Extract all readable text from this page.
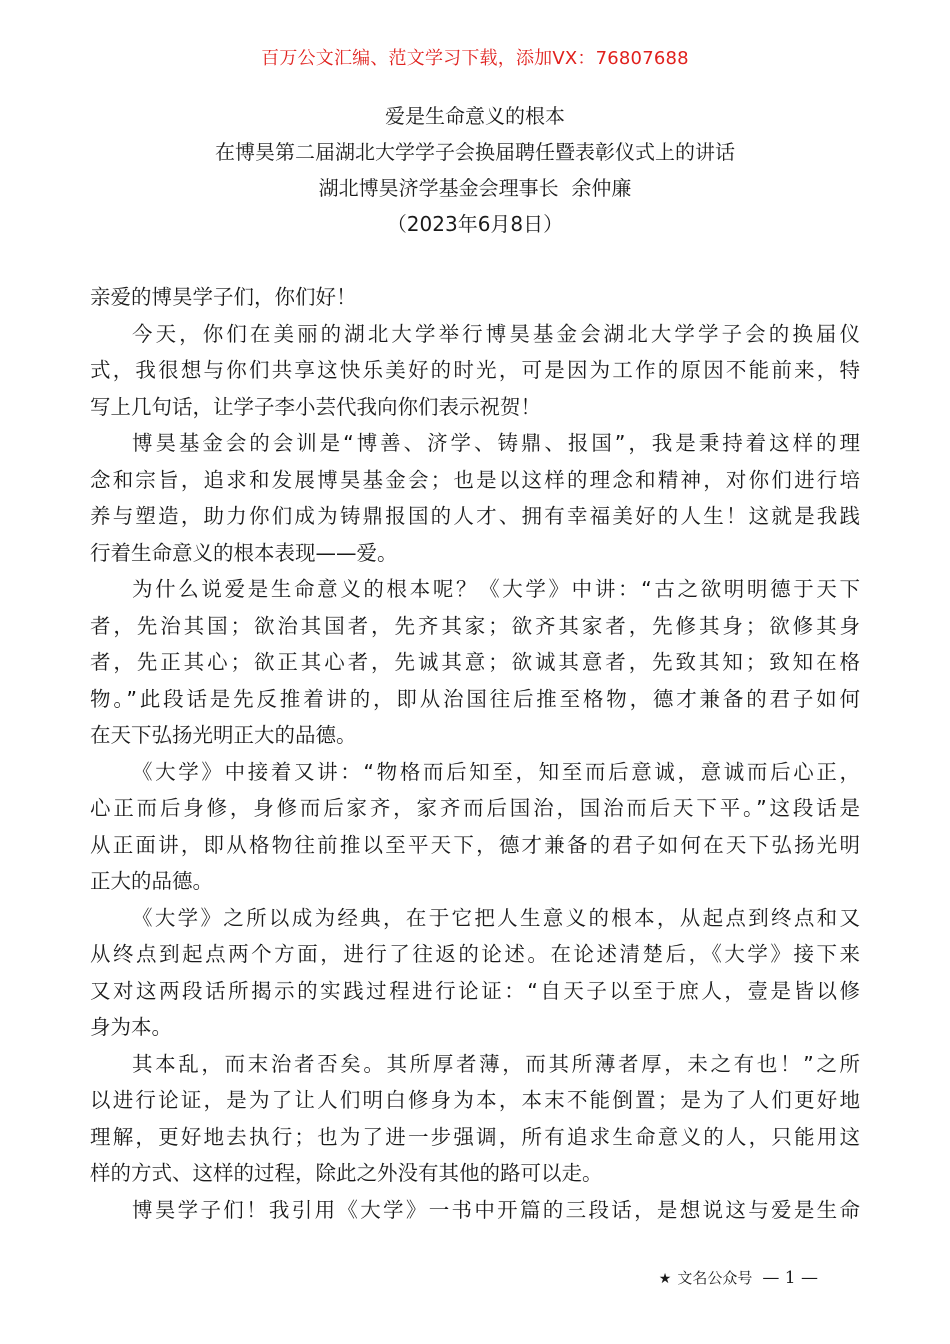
百万公文汇编、范文学习下载，添加VX：76807688
爱是生命意义的根本
在博昊第二届湖北大学学子会换届聘任暨表彰仪式上的讲话
湖北博昊济学基金会理事长  余仲廉
（2023年6月8日）
亲爱的博昊学子们，你们好！
今天，你们在美丽的湖北大学举行博昊基金会湖北大学学子会的换届仪
式，我很想与你们共享这快乐美好的时光，可是因为工作的原因不能前来，特
写上几句话，让学子李小芸代我向你们表示祝贺！
博昊基金会的会训是“博善、济学、铸鼎、报国”，我是秉持着这样的理
念和宗旨，追求和发展博昊基金会；也是以这样的理念和精神，对你们进行培
养与塑造，助力你们成为铸鼎报国的人才、拥有幸福美好的人生！这就是我践
行着生命意义的根本表现——爱。
为什么说爱是生命意义的根本呢？《大学》中讲：“古之欲明明德于天下
者，先治其国；欲治其国者，先齐其家；欲齐其家者，先修其身；欲修其身
者，先正其心；欲正其心者，先诚其意；欲诚其意者，先致其知；致知在格
物。”此段话是先反推着讲的，即从治国往后推至格物，德才兼备的君子如何
在天下弘扬光明正大的品德。
《大学》中接着又讲：“物格而后知至，知至而后意诚，意诚而后心正，
心正而后身修，身修而后家齐，家齐而后国治，国治而后天下平。”这段话是
从正面讲，即从格物往前推以至平天下，德才兼备的君子如何在天下弘扬光明
正大的品德。
《大学》之所以成为经典，在于它把人生意义的根本，从起点到终点和又
从终点到起点两个方面，进行了往返的论述。在论述清楚后，《大学》接下来
又对这两段话所揭示的实践过程进行论证：“自天子以至于庶人，壹是皆以修
身为本。
其本乱，而末治者否矣。其所厚者薄，而其所薄者厚，未之有也！”之所
以进行论证，是为了让人们明白修身为本，本末不能倒置；是为了人们更好地
理解，更好地去执行；也为了进一步强调，所有追求生命意义的人，只能用这
样的方式、这样的过程，除此之外没有其他的路可以走。
博昊学子们！我引用《大学》一书中开篇的三段话，是想说这与爱是生命
★ 文名公众号 — 1 —
